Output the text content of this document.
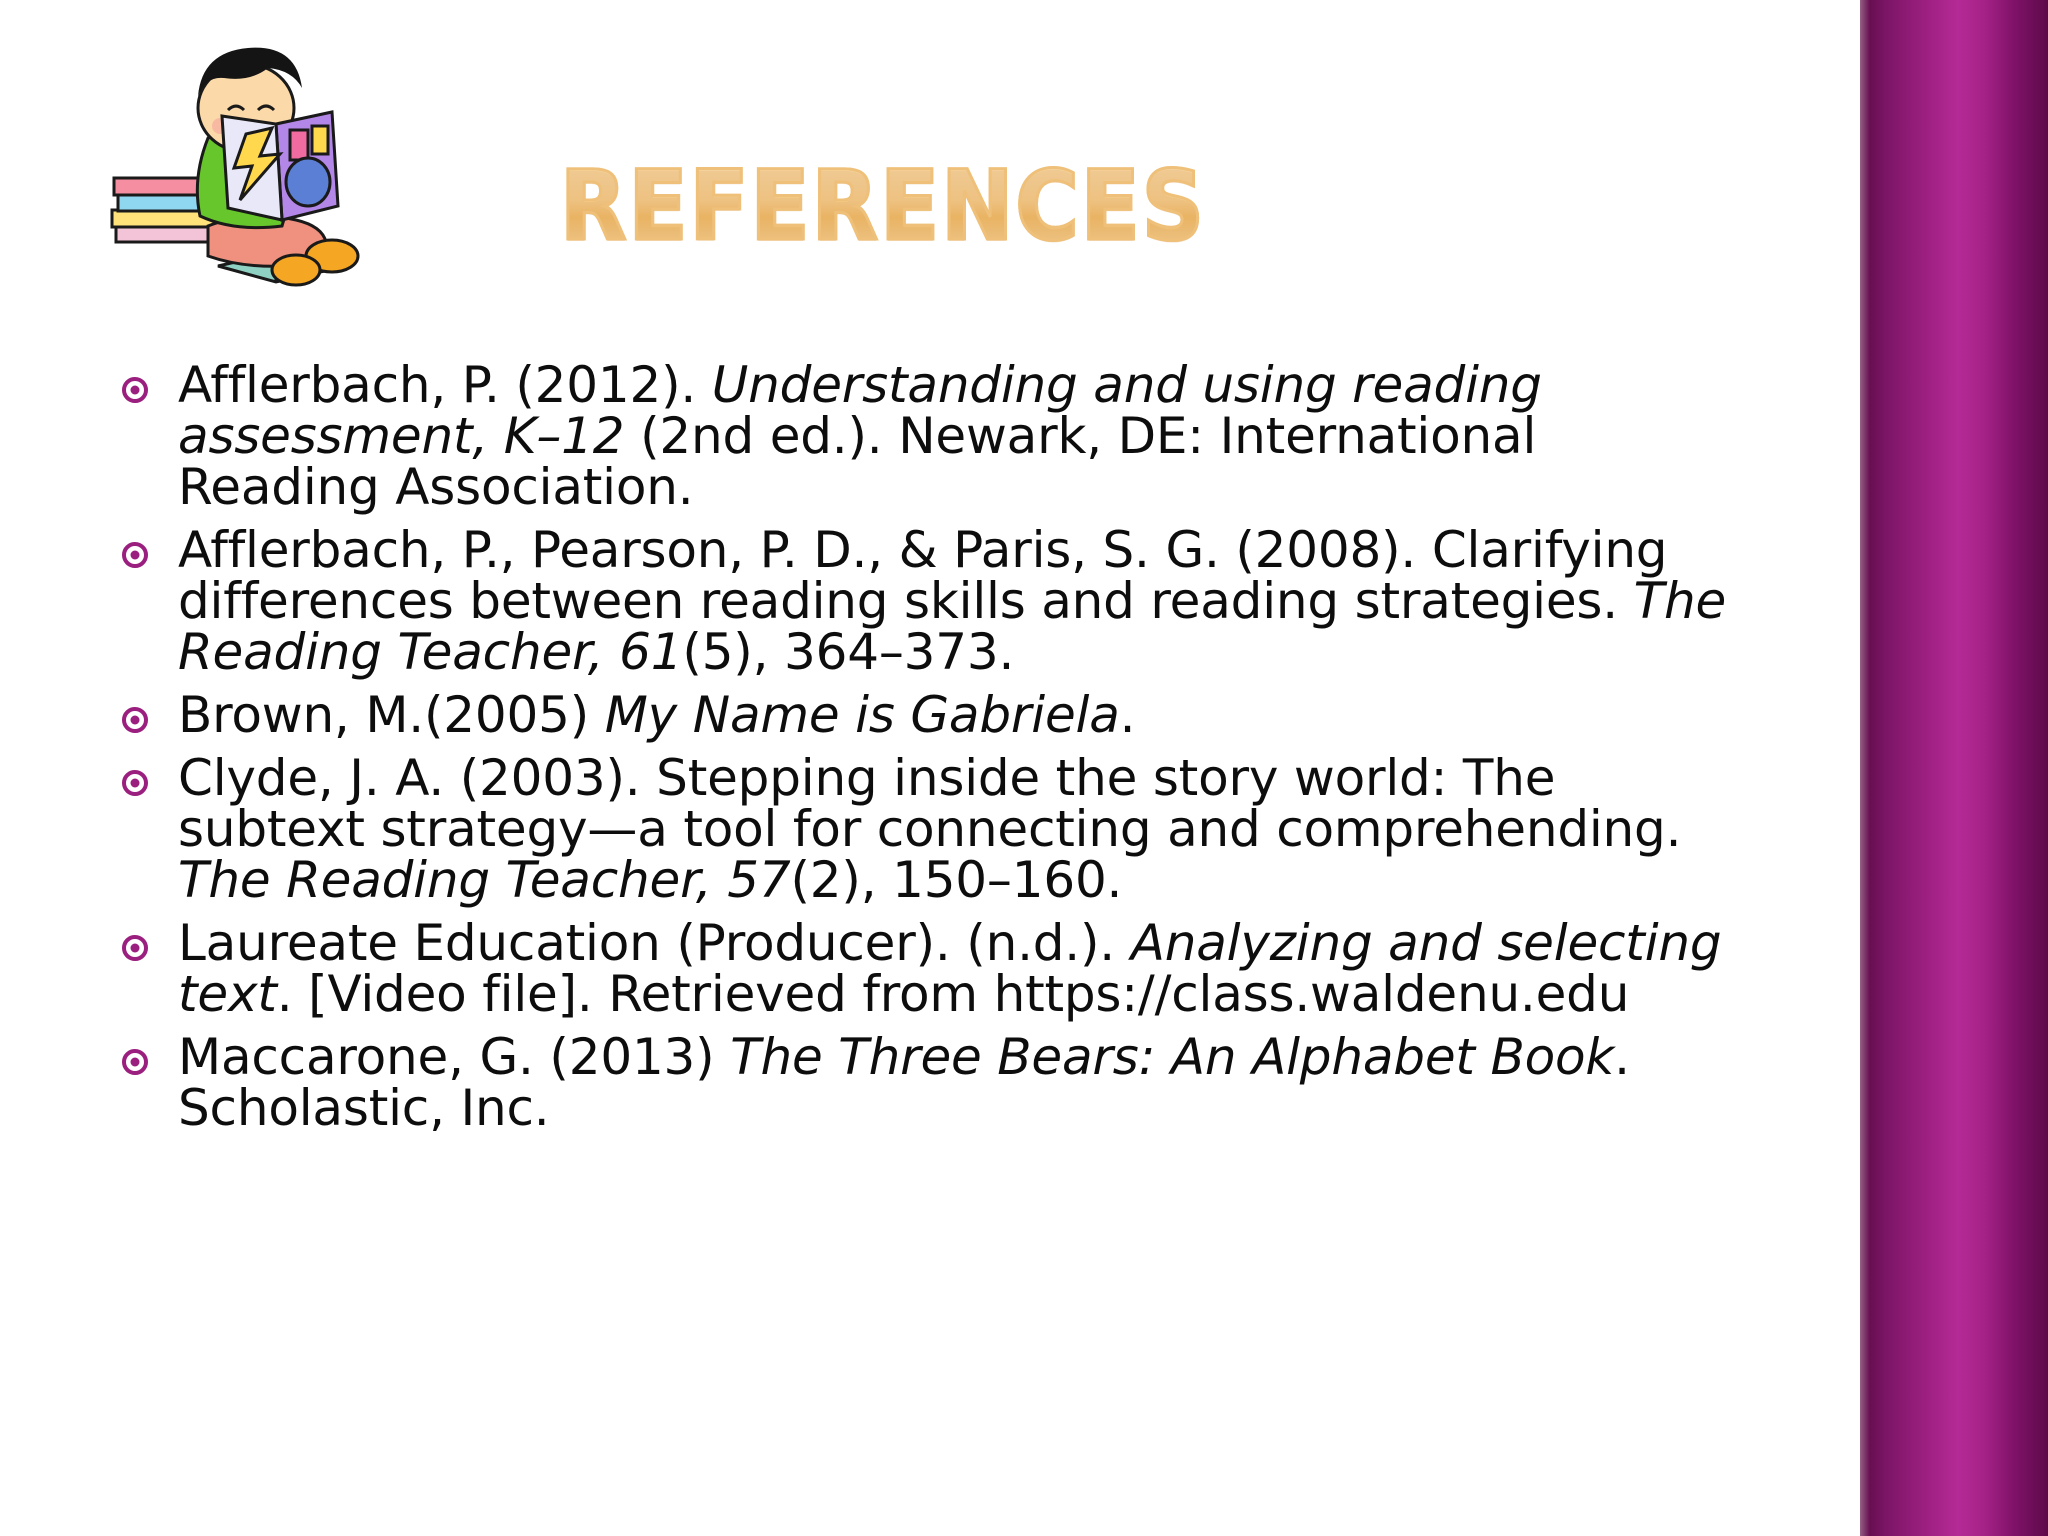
REFERENCES
Afflerbach, P. (2012). Understanding and using reading assessment, K–12 (2nd ed.). Newark, DE: International Reading Association.
Afflerbach, P., Pearson, P. D., & Paris, S. G. (2008). Clarifying differences between reading skills and reading strategies. The Reading Teacher, 61(5), 364–373.
Brown, M.(2005) My Name is Gabriela.
Clyde, J. A. (2003). Stepping inside the story world: The subtext strategy—a tool for connecting and comprehending. The Reading Teacher, 57(2), 150–160.
Laureate Education (Producer). (n.d.). Analyzing and selecting text. [Video file]. Retrieved from https://class.waldenu.edu
Maccarone, G. (2013) The Three Bears: An Alphabet Book. Scholastic, Inc.
